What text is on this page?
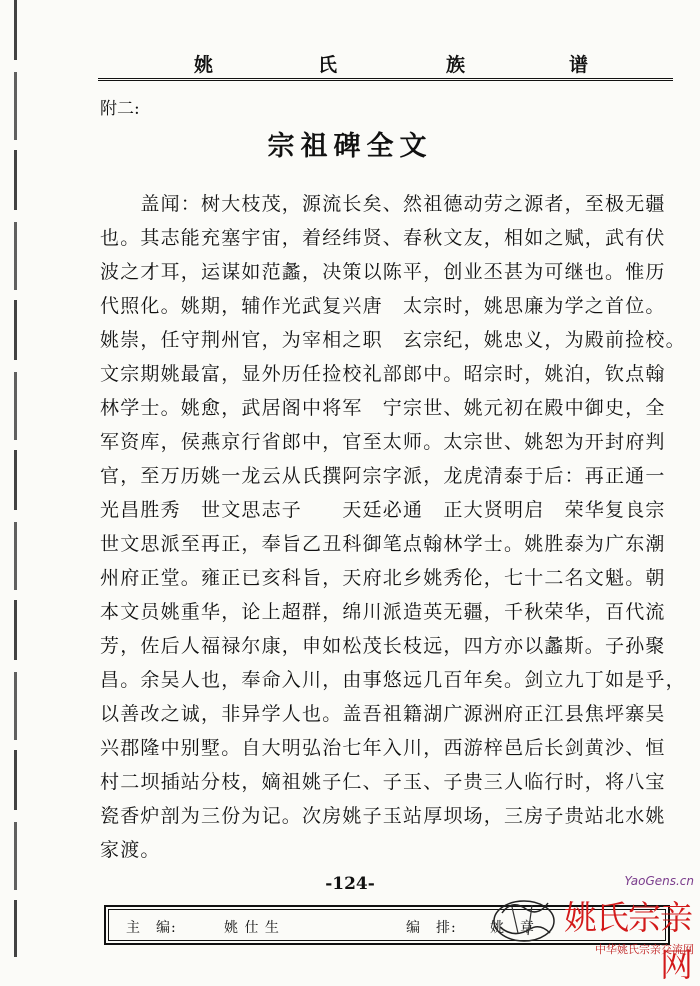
姚	氏	族	谱
附二:
宗祖碑全文
　　盖闻：树大枝茂，源流长矣、然祖德动劳之源者，至极无疆
也。其志能充塞宇宙，着经纬贤、春秋文友，相如之赋，武有伏
波之才耳，运谋如范蠡，决策以陈平，创业丕甚为可继也。惟历
代照化。姚期，辅作光武复兴唐　太宗时，姚思廉为学之首位。
姚崇，任守荆州官，为宰相之职　玄宗纪，姚忠义，为殿前捡校。
文宗期姚最富，显外历任捡校礼部郎中。昭宗时，姚泊，钦点翰
林学士。姚愈，武居阁中将军　宁宗世、姚元初在殿中御史，全
军资库，侯燕京行省郎中，官至太师。太宗世、姚恕为开封府判
官，至万历姚一龙云从氏撰阿宗字派，龙虎清泰于后：再正通一
光昌胜秀　世文思志子　　天廷必通　正大贤明启　荣华复良宗
世文思派至再正，奉旨乙丑科御笔点翰林学士。姚胜泰为广东潮
州府正堂。雍正已亥科旨，天府北乡姚秀伦，七十二名文魁。朝
本文员姚重华，论上超群，绵川派造英无疆，千秋荣华，百代流
芳，佐后人福禄尔康，申如松茂长枝远，四方亦以蠡斯。子孙聚
昌。余吴人也，奉命入川，由事悠远几百年矣。剑立九丁如是乎，
以善改之诚，非异学人也。盖吾祖籍湖广源洲府正江县焦坪寨吴
兴郡隆中别墅。自大明弘治七年入川，西游梓邑后长剑黄沙、恒
村二坝插站分枝，嫡祖姚子仁、子玉、子贵三人临行时，将八宝
瓷香炉剖为三份为记。次房姚子玉站厚坝场，三房子贵站北水姚
家渡。
-124-
主　编:	姚 仕 生	编　排: 姚　章
YaoGens.cn
姚氏宗亲网
中华姚氏宗亲交流网
